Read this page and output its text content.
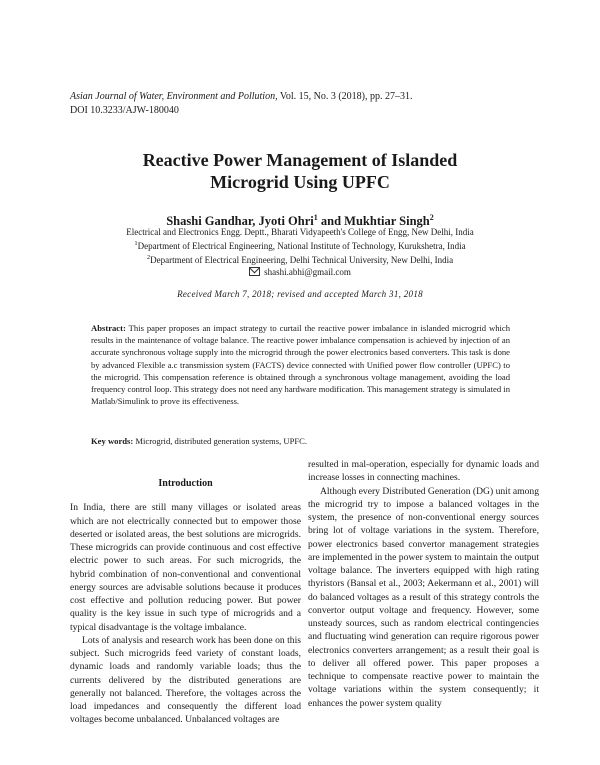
Asian Journal of Water, Environment and Pollution, Vol. 15, No. 3 (2018), pp. 27–31.
DOI 10.3233/AJW-180040
Reactive Power Management of Islanded
Microgrid Using UPFC
Shashi Gandhar, Jyoti Ohri$^1$ and Mukhtiar Singh$^2$
Electrical and Electronics Engg. Deptt., Bharati Vidyapeeth's College of Engg, New Delhi, India
$^1$Department of Electrical Engineering, National Institute of Technology, Kurukshetra, India
$^2$Department of Electrical Engineering, Delhi Technical University, New Delhi, India
shashi.abhi@gmail.com
Received March 7, 2018; revised and accepted March 31, 2018
Abstract: This paper proposes an impact strategy to curtail the reactive power imbalance in islanded microgrid which results in the maintenance of voltage balance. The reactive power imbalance compensation is achieved by injection of an accurate synchronous voltage supply into the microgrid through the power electronics based converters. This task is done by advanced Flexible a.c transmission system (FACTS) device connected with Unified power flow controller (UPFC) to the microgrid. This compensation reference is obtained through a synchronous voltage management, avoiding the load frequency control loop. This strategy does not need any hardware modification. This management strategy is simulated in Matlab/Simulink to prove its effectiveness.
Key words: Microgrid, distributed generation systems, UPFC.
Introduction

In India, there are still many villages or isolated areas which are not electrically connected but to empower those deserted or isolated areas, the best solutions are microgrids. These microgrids can provide continuous and cost effective electric power to such areas. For such microgrids, the hybrid combination of non-conventional and conventional energy sources are advisable solutions because it produces cost effective and pollution reducing power. But power quality is the key issue in such type of microgrids and a typical disadvantage is the voltage imbalance.

Lots of analysis and research work has been done on this subject. Such microgrids feed variety of constant loads, dynamic loads and randomly variable loads; thus the currents delivered by the distributed generations are generally not balanced. Therefore, the voltages across the load impedances and consequently the different load voltages become unbalanced. Unbalanced voltages are

resulted in mal-operation, especially for dynamic loads and increase losses in connecting machines.

Although every Distributed Generation (DG) unit among the microgrid try to impose a balanced voltages in the system, the presence of non-conventional energy sources bring lot of voltage variations in the system. Therefore, power electronics based convertor management strategies are implemented in the power system to maintain the output voltage balance. The inverters equipped with high rating thyristors (Bansal et al., 2003; Aekermann et al., 2001) will do balanced voltages as a result of this strategy controls the convertor output voltage and frequency. However, some unsteady sources, such as random electrical contingencies and fluctuating wind generation can require rigorous power electronics converters arrangement; as a result their goal is to deliver all offered power. This paper proposes a technique to compensate reactive power to maintain the voltage variations within the system consequently; it enhances the power system quality
